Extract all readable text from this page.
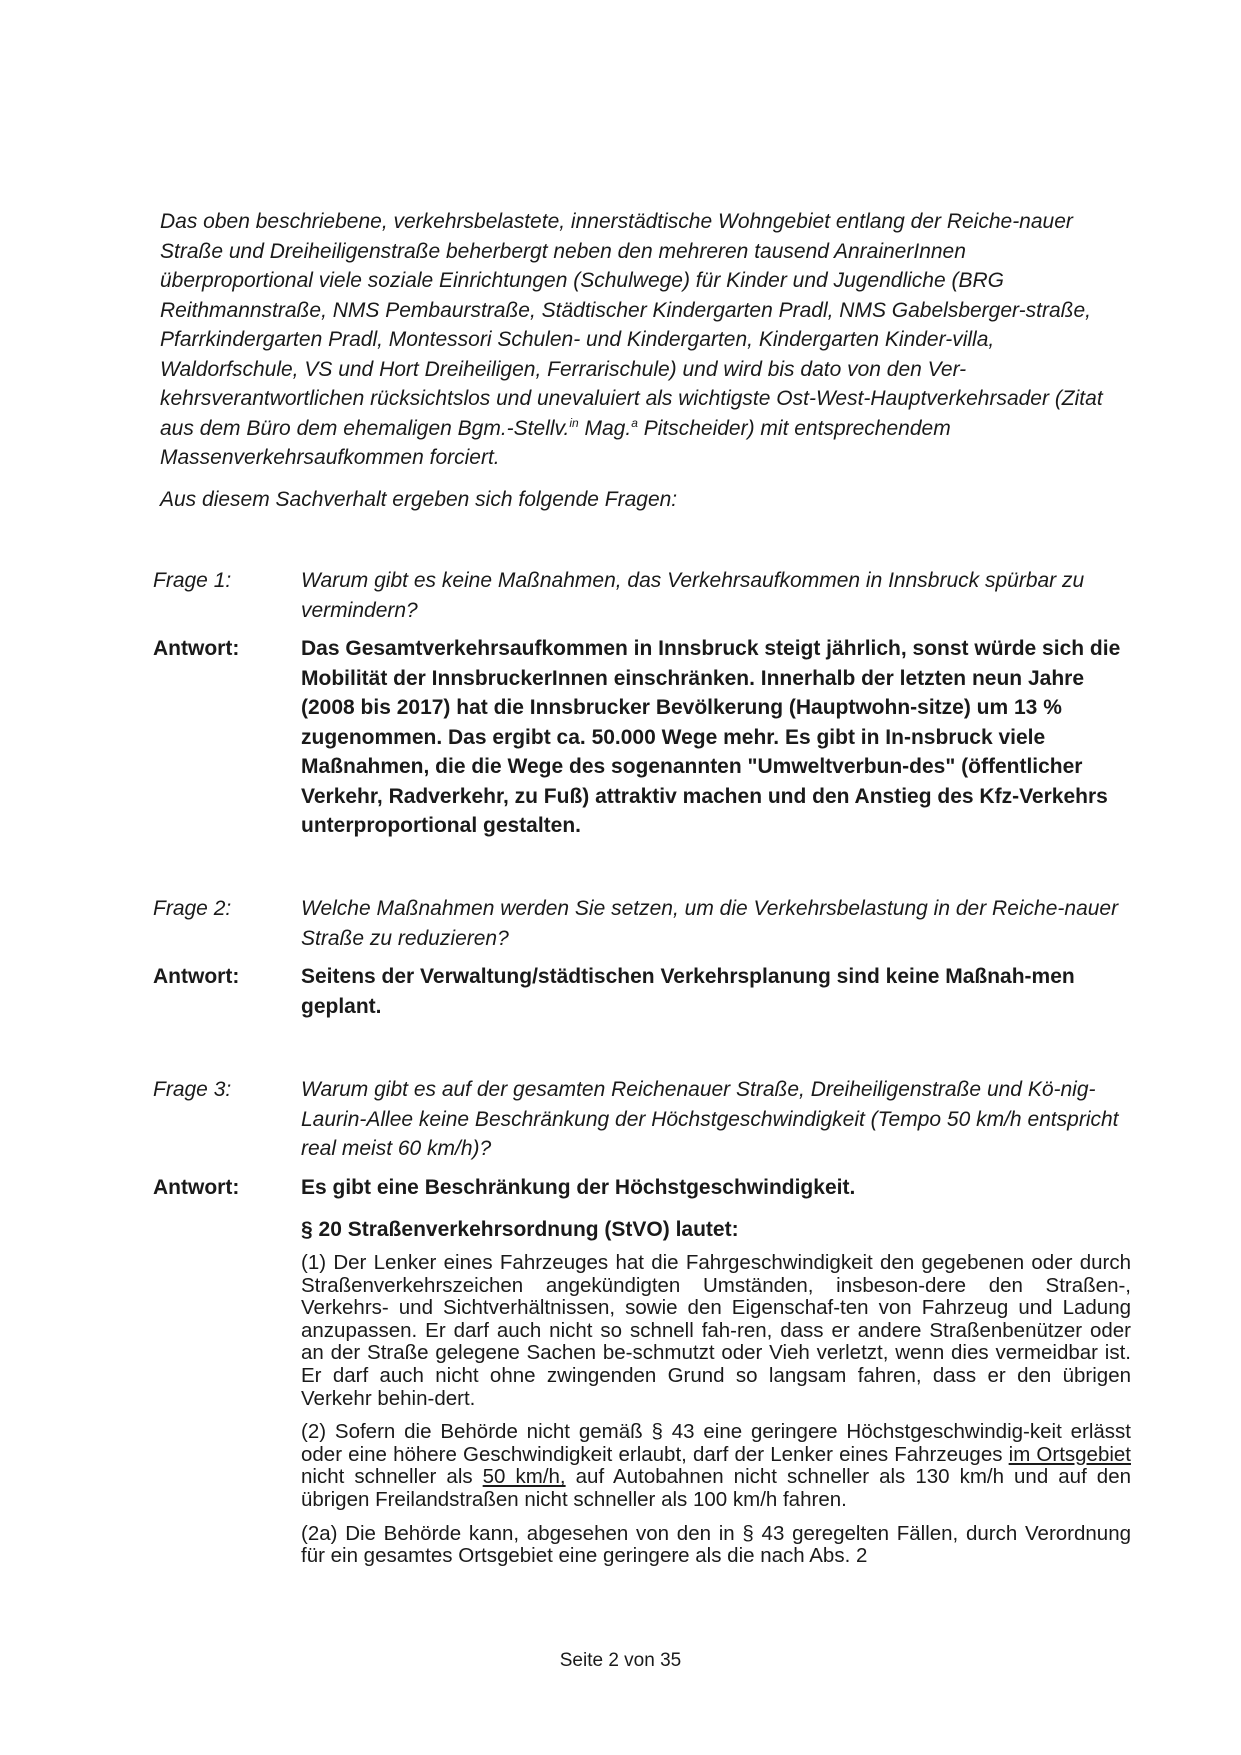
Das oben beschriebene, verkehrsbelastete, innerstädtische Wohngebiet entlang der Reiche-nauer Straße und Dreiheiligenstraße beherbergt neben den mehreren tausend AnrainerInnen überproportional viele soziale Einrichtungen (Schulwege) für Kinder und Jugendliche (BRG Reithmannstraße, NMS Pembaurstraße, Städtischer Kindergarten Pradl, NMS Gabelsberger-straße, Pfarrkindergarten Pradl, Montessori Schulen- und Kindergarten, Kindergarten Kinder-villa, Waldorfschule, VS und Hort Dreiheiligen, Ferrarischule) und wird bis dato von den Ver-kehrsverantwortlichen rücksichtslos und unevaluiert als wichtigste Ost-West-Hauptverkehrsader (Zitat aus dem Büro dem ehemaligen Bgm.-Stellv.$^{in}$ Mag.$^a$ Pitscheider) mit entsprechendem Massenverkehrsaufkommen forciert.

Aus diesem Sachverhalt ergeben sich folgende Fragen:

Frage 1:	Warum gibt es keine Maßnahmen, das Verkehrsaufkommen in Innsbruck spürbar zu vermindern?
Antwort:	Das Gesamtverkehrsaufkommen in Innsbruck steigt jährlich, sonst würde sich die Mobilität der InnsbruckerInnen einschränken. Innerhalb der letzten neun Jahre (2008 bis 2017) hat die Innsbrucker Bevölkerung (Hauptwohn-sitze) um 13 % zugenommen. Das ergibt ca. 50.000 Wege mehr. Es gibt in In-nsbruck viele Maßnahmen, die die Wege des sogenannten "Umweltverbun-des" (öffentlicher Verkehr, Radverkehr, zu Fuß) attraktiv machen und den Anstieg des Kfz-Verkehrs unterproportional gestalten.
Frage 2:	Welche Maßnahmen werden Sie setzen, um die Verkehrsbelastung in der Reiche-nauer Straße zu reduzieren?
Antwort:	Seitens der Verwaltung/städtischen Verkehrsplanung sind keine Maßnah-men geplant.
Frage 3:	Warum gibt es auf der gesamten Reichenauer Straße, Dreiheiligenstraße und Kö-nig-Laurin-Allee keine Beschränkung der Höchstgeschwindigkeit (Tempo 50 km/h entspricht real meist 60 km/h)?
Antwort:	Es gibt eine Beschränkung der Höchstgeschwindigkeit.
§ 20 Straßenverkehrsordnung (StVO) lautet:

(1) Der Lenker eines Fahrzeuges hat die Fahrgeschwindigkeit den gegebenen oder durch Straßenverkehrszeichen angekündigten Umständen, insbeson-dere den Straßen-, Verkehrs- und Sichtverhältnissen, sowie den Eigenschaf-ten von Fahrzeug und Ladung anzupassen. Er darf auch nicht so schnell fah-ren, dass er andere Straßenbenützer oder an der Straße gelegene Sachen be-schmutzt oder Vieh verletzt, wenn dies vermeidbar ist. Er darf auch nicht ohne zwingenden Grund so langsam fahren, dass er den übrigen Verkehr behin-dert.

(2) Sofern die Behörde nicht gemäß § 43 eine geringere Höchstgeschwindig-keit erlässt oder eine höhere Geschwindigkeit erlaubt, darf der Lenker eines Fahrzeuges im Ortsgebiet nicht schneller als 50 km/h, auf Autobahnen nicht schneller als 130 km/h und auf den übrigen Freilandstraßen nicht schneller als 100 km/h fahren.

(2a) Die Behörde kann, abgesehen von den in § 43 geregelten Fällen, durch Verordnung für ein gesamtes Ortsgebiet eine geringere als die nach Abs. 2

Seite 2 von 35
